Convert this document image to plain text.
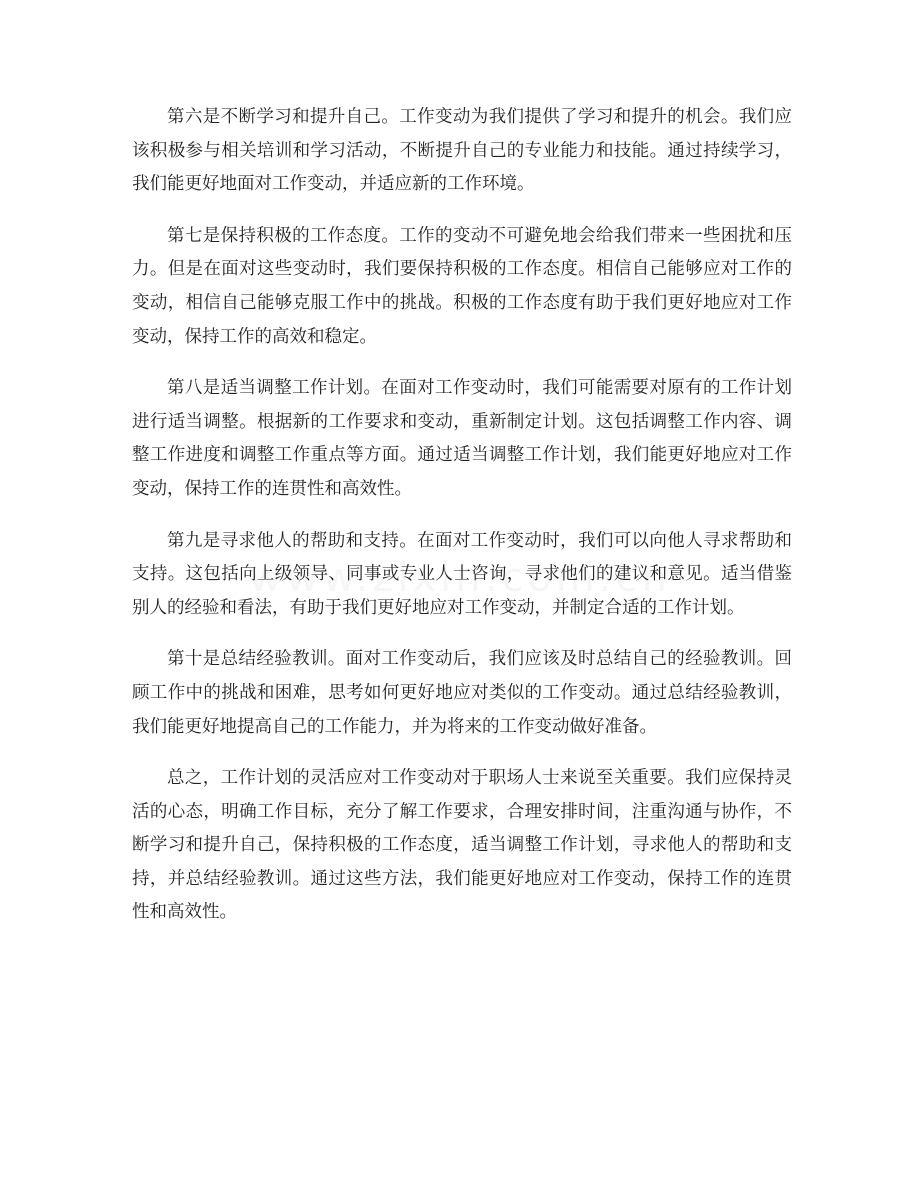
第六是不断学习和提升自己。工作变动为我们提供了学习和提升的机会。我们应该积极参与相关培训和学习活动，不断提升自己的专业能力和技能。通过持续学习，我们能更好地面对工作变动，并适应新的工作环境。

第七是保持积极的工作态度。工作的变动不可避免地会给我们带来一些困扰和压力。但是在面对这些变动时，我们要保持积极的工作态度。相信自己能够应对工作的变动，相信自己能够克服工作中的挑战。积极的工作态度有助于我们更好地应对工作变动，保持工作的高效和稳定。

第八是适当调整工作计划。在面对工作变动时，我们可能需要对原有的工作计划进行适当调整。根据新的工作要求和变动，重新制定计划。这包括调整工作内容、调整工作进度和调整工作重点等方面。通过适当调整工作计划，我们能更好地应对工作变动，保持工作的连贯性和高效性。

第九是寻求他人的帮助和支持。在面对工作变动时，我们可以向他人寻求帮助和支持。这包括向上级领导、同事或专业人士咨询，寻求他们的建议和意见。适当借鉴别人的经验和看法，有助于我们更好地应对工作变动，并制定合适的工作计划。

第十是总结经验教训。面对工作变动后，我们应该及时总结自己的经验教训。回顾工作中的挑战和困难，思考如何更好地应对类似的工作变动。通过总结经验教训，我们能更好地提高自己的工作能力，并为将来的工作变动做好准备。

总之，工作计划的灵活应对工作变动对于职场人士来说至关重要。我们应保持灵活的心态，明确工作目标，充分了解工作要求，合理安排时间，注重沟通与协作，不断学习和提升自己，保持积极的工作态度，适当调整工作计划，寻求他人的帮助和支持，并总结经验教训。通过这些方法，我们能更好地应对工作变动，保持工作的连贯性和高效性。
